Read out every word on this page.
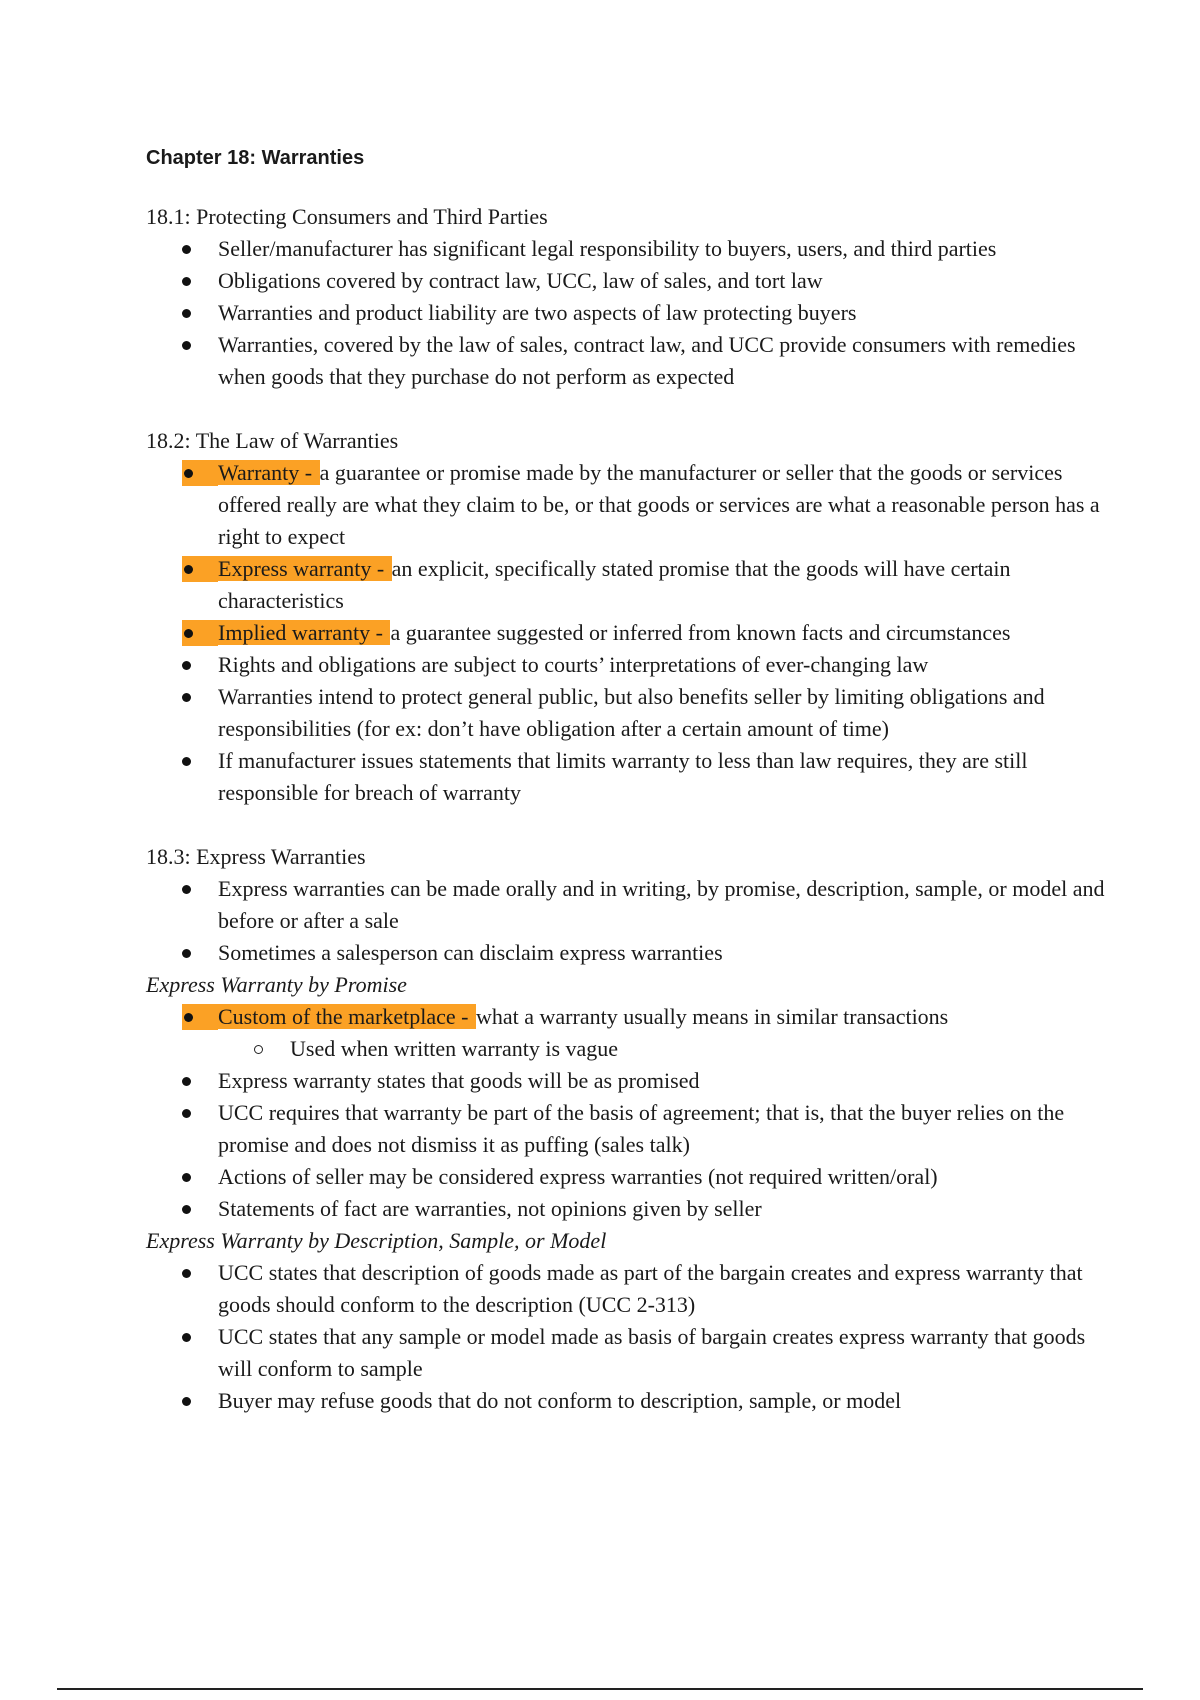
Chapter 18: Warranties

18.1: Protecting Consumers and Third Parties

Seller/manufacturer has significant legal responsibility to buyers, users, and third parties
Obligations covered by contract law, UCC, law of sales, and tort law
Warranties and product liability are two aspects of law protecting buyers
Warranties, covered by the law of sales, contract law, and UCC provide consumers with remedies when goods that they purchase do not perform as expected

18.2: The Law of Warranties

Warranty - a guarantee or promise made by the manufacturer or seller that the goods or services offered really are what they claim to be, or that goods or services are what a reasonable person has a right to expect
Express warranty - an explicit, specifically stated promise that the goods will have certain characteristics
Implied warranty - a guarantee suggested or inferred from known facts and circumstances
Rights and obligations are subject to courts’ interpretations of ever-changing law
Warranties intend to protect general public, but also benefits seller by limiting obligations and responsibilities (for ex: don’t have obligation after a certain amount of time)
If manufacturer issues statements that limits warranty to less than law requires, they are still responsible for breach of warranty

18.3: Express Warranties

Express warranties can be made orally and in writing, by promise, description, sample, or model and before or after a sale
Sometimes a salesperson can disclaim express warranties

Express Warranty by Promise

Custom of the marketplace - what a warranty usually means in similar transactions
Used when written warranty is vague
Express warranty states that goods will be as promised
UCC requires that warranty be part of the basis of agreement; that is, that the buyer relies on the promise and does not dismiss it as puffing (sales talk)
Actions of seller may be considered express warranties (not required written/oral)
Statements of fact are warranties, not opinions given by seller

Express Warranty by Description, Sample, or Model

UCC states that description of goods made as part of the bargain creates and express warranty that goods should conform to the description (UCC 2-313)
UCC states that any sample or model made as basis of bargain creates express warranty that goods will conform to sample
Buyer may refuse goods that do not conform to description, sample, or model
